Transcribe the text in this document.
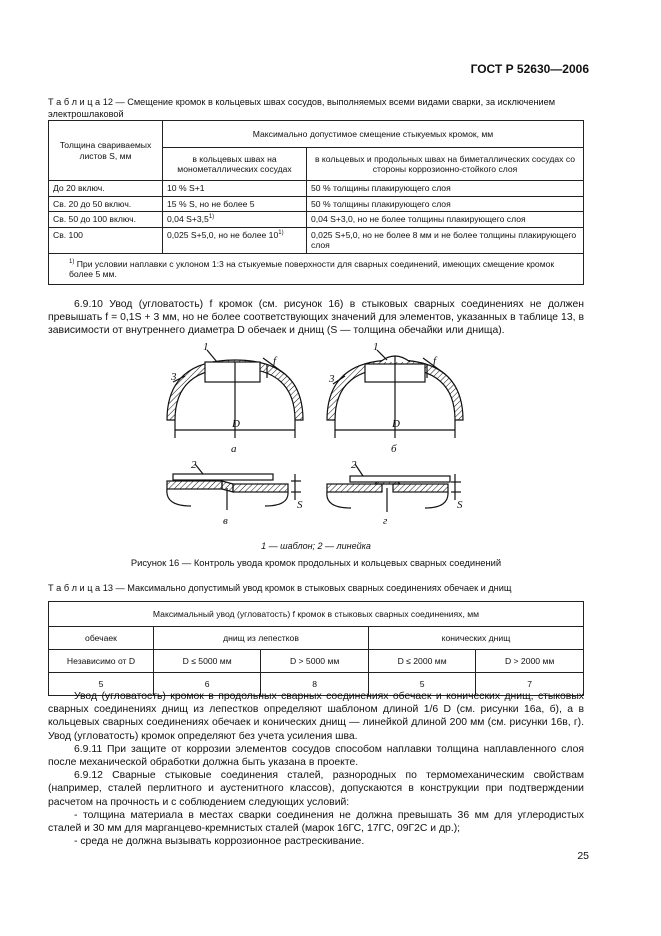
ГОСТ Р 52630—2006
Т а б л и ц а 12 — Смещение кромок в кольцевых швах сосудов, выполняемых всеми видами сварки, за исключением электрошлаковой
Толщина свариваемых листов S, мм	Максимально допустимое смещение стыкуемых кромок, мм	
	в кольцевых швах на монометаллических сосудах	в кольцевых и продольных швах на биметаллических сосудах со стороны коррозионно-стойкого слоя
До 20 включ.	10 % S+1	50 % толщины плакирующего слоя
Св. 20 до 50 включ.	15 % S, но не более 5	50 % толщины плакирующего слоя
Св. 50 до 100 включ.	0,04 $S+3,5^{1)}$	0,04 S+3,0, но не более толщины плакирующего слоя
Св. 100	0,025 S+5,0, но не более 10$^{1)}$	0,025 S+5,0, но не более 8 мм и не более толщины плакирующего слоя
$^{1)}$ При условии наплавки с уклоном 1:3 на стыкуемые поверхности для сварных соединений, имеющих смещение кромок более 5 мм.		

6.9.10 Увод (угловатость) f кромок (см. рисунок 16) в стыковых сварных соединениях не должен превышать f = 0,1S + 3 мм, но не более соответствующих значений для элементов, указанных в таблице 13, в зависимости от внутреннего диаметра D обечаек и днищ (S — толщина обечайки или днища).

1
3
f
D
а
1
3
f
D
б
2
S
в
2
S
г
1 — шаблон; 2 — линейка
Рисунок 16 — Контроль увода кромок продольных и кольцевых сварных соединений
Т а б л и ц а 13 — Максимально допустимый увод кромок в стыковых сварных соединениях обечаек и днищ
Максимальный увод (угловатость) f кромок в стыковых сварных соединениях, мм				
обечаек	днищ из лепестков		конических днищ	
Независимо от D	D ≤ 5000 мм	D > 5000 мм	D ≤ 2000 мм	D > 2000 мм
5	6	8	5	7

Увод (угловатость) кромок в продольных сварных соединениях обечаек и конических днищ, стыковых сварных соединениях днищ из лепестков определяют шаблоном длиной 1/6 D (см. рисунки 16а, б), а в кольцевых сварных соединениях обечаек и конических днищ — линейкой длиной 200 мм (см. рисунки 16в, г). Увод (угловатость) кромок определяют без учета усиления шва.

6.9.11 При защите от коррозии элементов сосудов способом наплавки толщина наплавленного слоя после механической обработки должна быть указана в проекте.

6.9.12 Сварные стыковые соединения сталей, разнородных по термомеханическим свойствам (например, сталей перлитного и аустенитного классов), допускаются в конструкции при подтверждении расчетом на прочность и с соблюдением следующих условий:

- толщина материала в местах сварки соединения не должна превышать 36 мм для углеродистых сталей и 30 мм для марганцево-кремнистых сталей (марок 16ГС, 17ГС, 09Г2С и др.);

- среда не должна вызывать коррозионное растрескивание.

25
